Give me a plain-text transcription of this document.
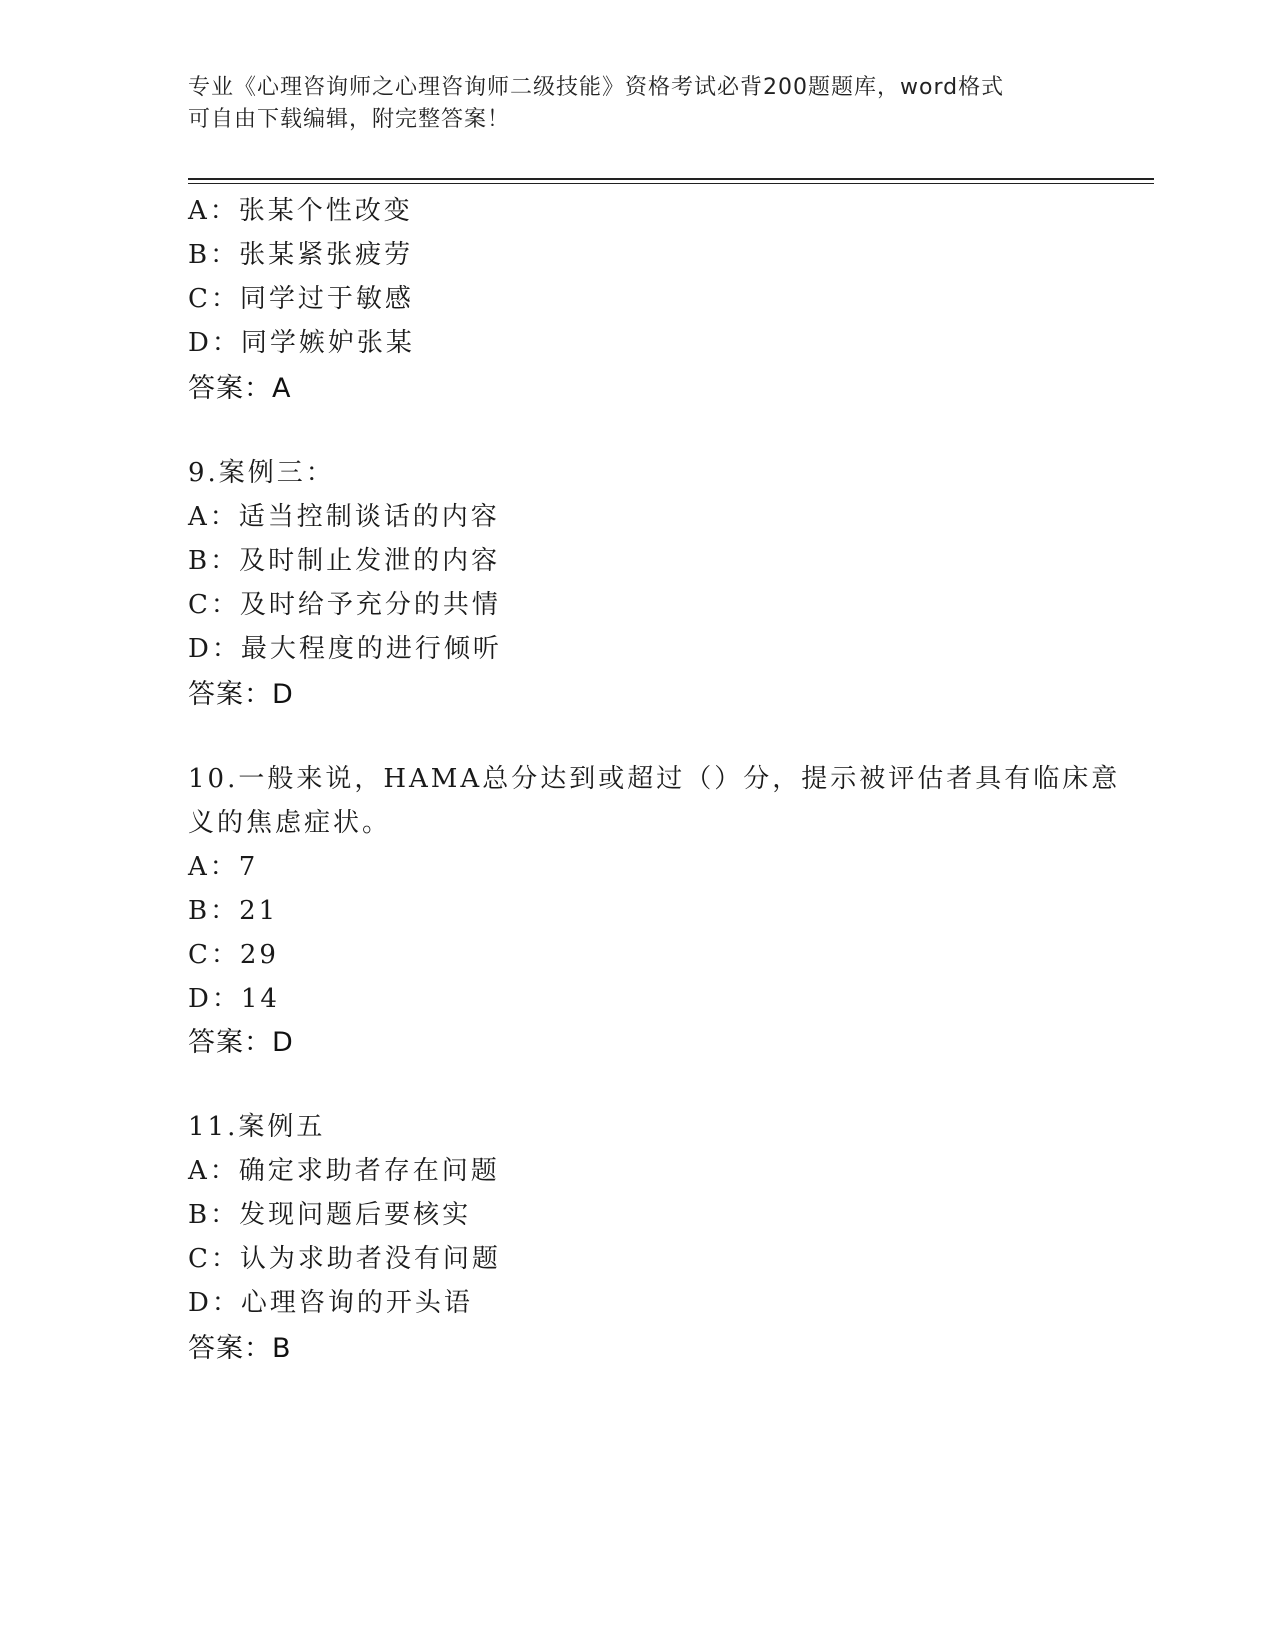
专业《心理咨询师之心理咨询师二级技能》资格考试必背200题题库，word格式
可自由下载编辑，附完整答案！
A：张某个性改变
B：张某紧张疲劳
C：同学过于敏感
D：同学嫉妒张某
答案：A
9.案例三：
A：适当控制谈话的内容
B：及时制止发泄的内容
C：及时给予充分的共情
D：最大程度的进行倾听
答案：D
10.一般来说，HAMA总分达到或超过（）分，提示被评估者具有临床意
义的焦虑症状。
A：7
B：21
C：29
D：14
答案：D
11.案例五
A：确定求助者存在问题
B：发现问题后要核实
C：认为求助者没有问题
D：心理咨询的开头语
答案：B
